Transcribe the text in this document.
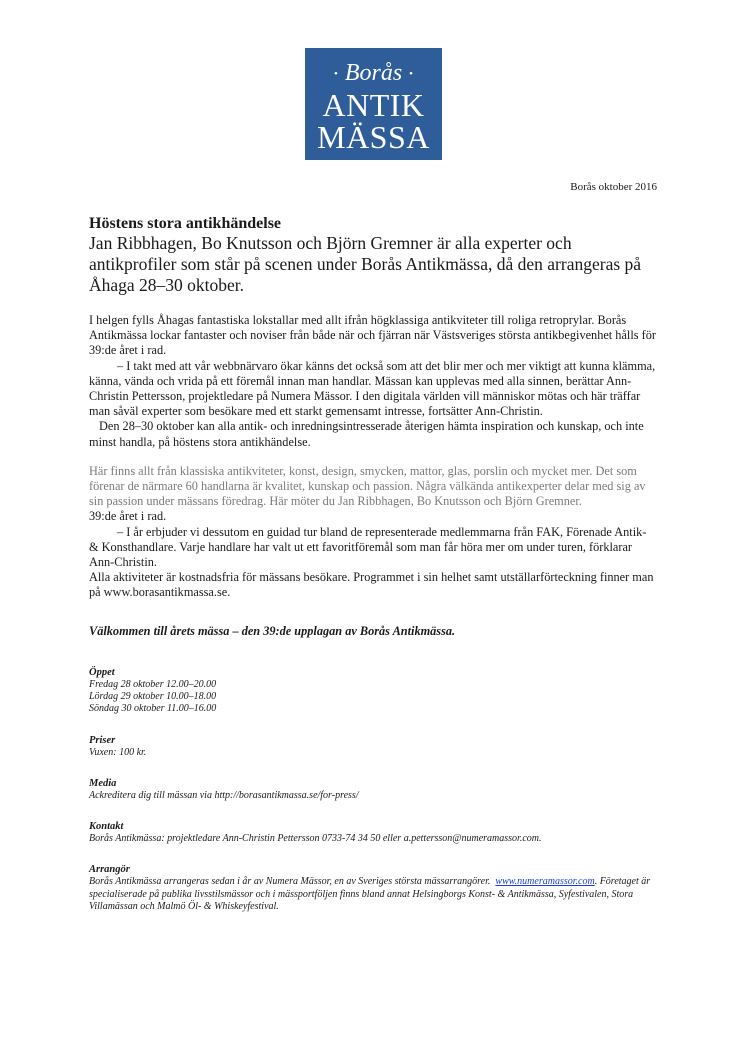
• Borås •
ANTIK
MÄSSA
Borås oktober 2016

Höstens stora antikhändelse

Jan Ribbhagen, Bo Knutsson och Björn Gremner är alla experter och antikprofiler som står på scenen under Borås Antikmässa, då den arrangeras på Åhaga 28–30 oktober.

I helgen fylls Åhagas fantastiska lokstallar med allt ifrån högklassiga antikviteter till roliga retroprylar. Borås Antikmässa lockar fantaster och noviser från både när och fjärran när Västsveriges största antikbegivenhet hålls för 39:de året i rad.

– I takt med att vår webbnärvaro ökar känns det också som att det blir mer och mer viktigt att kunna klämma, känna, vända och vrida på ett föremål innan man handlar. Mässan kan upplevas med alla sinnen, berättar Ann-Christin Pettersson, projektledare på Numera Mässor. I den digitala världen vill människor mötas och här träffar man såväl experter som besökare med ett starkt gemensamt intresse, fortsätter Ann-Christin.

Den 28–30 oktober kan alla antik- och inredningsintresserade återigen hämta inspiration och kunskap, och inte minst handla, på höstens stora antikhändelse.

Här finns allt från klassiska antikviteter, konst, design, smycken, mattor, glas, porslin och mycket mer. Det som förenar de närmare 60 handlarna är kvalitet, kunskap och passion. Några välkända antikexperter delar med sig av sin passion under mässans föredrag. Här möter du Jan Ribbhagen, Bo Knutsson och Björn Gremner.

39:de året i rad.

– I år erbjuder vi dessutom en guidad tur bland de representerade medlemmarna från FAK, Förenade Antik- & Konsthandlare. Varje handlare har valt ut ett favoritföremål som man får höra mer om under turen, förklarar Ann-Christin.

Alla aktiviteter är kostnadsfria för mässans besökare. Programmet i sin helhet samt utställarförteckning finner man på www.borasantikmassa.se.

Välkommen till årets mässa – den 39:de upplagan av Borås Antikmässa.

Öppet

Fredag 28 oktober 12.00–20.00

Lördag 29 oktober 10.00–18.00

Söndag 30 oktober 11.00–16.00

Priser

Vuxen: 100 kr.

Media

Ackreditera dig till mässan via http://borasantikmassa.se/for-press/

Kontakt

Borås Antikmässa: projektledare Ann-Christin Pettersson 0733-74 34 50 eller a.pettersson@numeramassor.com.

Arrangör

Borås Antikmässa arrangeras sedan i år av Numera Mässor, en av Sveriges största mässarrangörer. www.numeramassor.com. Företaget är specialiserade på publika livsstilsmässor och i mässportföljen finns bland annat Helsingborgs Konst- & Antikmässa, Syfestivalen, Stora Villamässan och Malmö Öl- & Whiskeyfestival.
